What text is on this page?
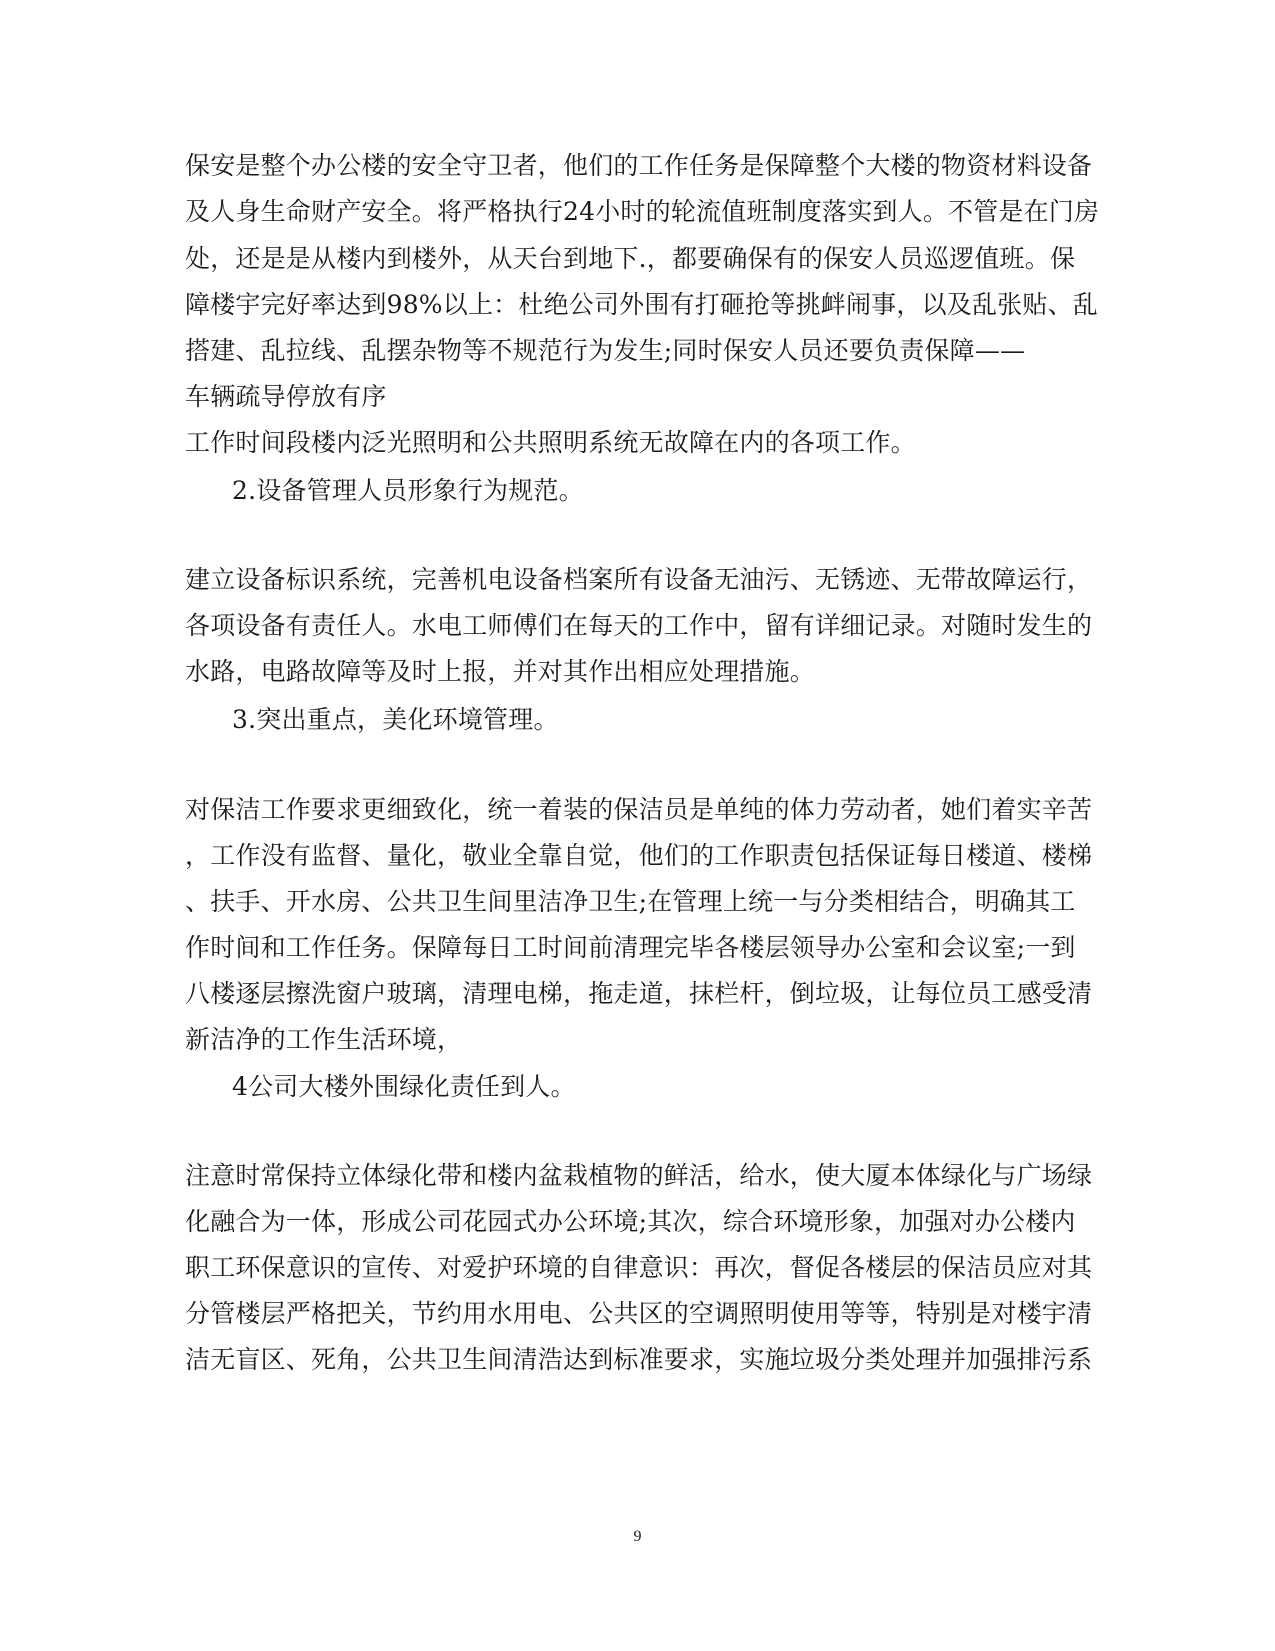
保安是整个办公楼的安全守卫者，他们的工作任务是保障整个大楼的物资材料设备
及人身生命财产安全。将严格执行24小时的轮流值班制度落实到人。不管是在门房
处，还是是从楼内到楼外，从天台到地下.，都要确保有的保安人员巡逻值班。保
障楼宇完好率达到98%以上：杜绝公司外围有打砸抢等挑衅闹事，以及乱张贴、乱
搭建、乱拉线、乱摆杂物等不规范行为发生;同时保安人员还要负责保障——
车辆疏导停放有序
工作时间段楼内泛光照明和公共照明系统无故障在内的各项工作。
2.设备管理人员形象行为规范。
建立设备标识系统，完善机电设备档案所有设备无油污、无锈迹、无带故障运行，
各项设备有责任人。水电工师傅们在每天的工作中，留有详细记录。对随时发生的
水路，电路故障等及时上报，并对其作出相应处理措施。
3.突出重点，美化环境管理。
对保洁工作要求更细致化，统一着装的保洁员是单纯的体力劳动者，她们着实辛苦
，工作没有监督、量化，敬业全靠自觉，他们的工作职责包括保证每日楼道、楼梯
、扶手、开水房、公共卫生间里洁净卫生;在管理上统一与分类相结合，明确其工
作时间和工作任务。保障每日工时间前清理完毕各楼层领导办公室和会议室;一到
八楼逐层擦洗窗户玻璃，清理电梯，拖走道，抹栏杆，倒垃圾，让每位员工感受清
新洁净的工作生活环境，
4公司大楼外围绿化责任到人。
注意时常保持立体绿化带和楼内盆栽植物的鲜活，给水，使大厦本体绿化与广场绿
化融合为一体，形成公司花园式办公环境;其次，综合环境形象，加强对办公楼内
职工环保意识的宣传、对爱护环境的自律意识：再次，督促各楼层的保洁员应对其
分管楼层严格把关，节约用水用电、公共区的空调照明使用等等，特别是对楼宇清
洁无盲区、死角，公共卫生间清浩达到标准要求，实施垃圾分类处理并加强排污系
9
